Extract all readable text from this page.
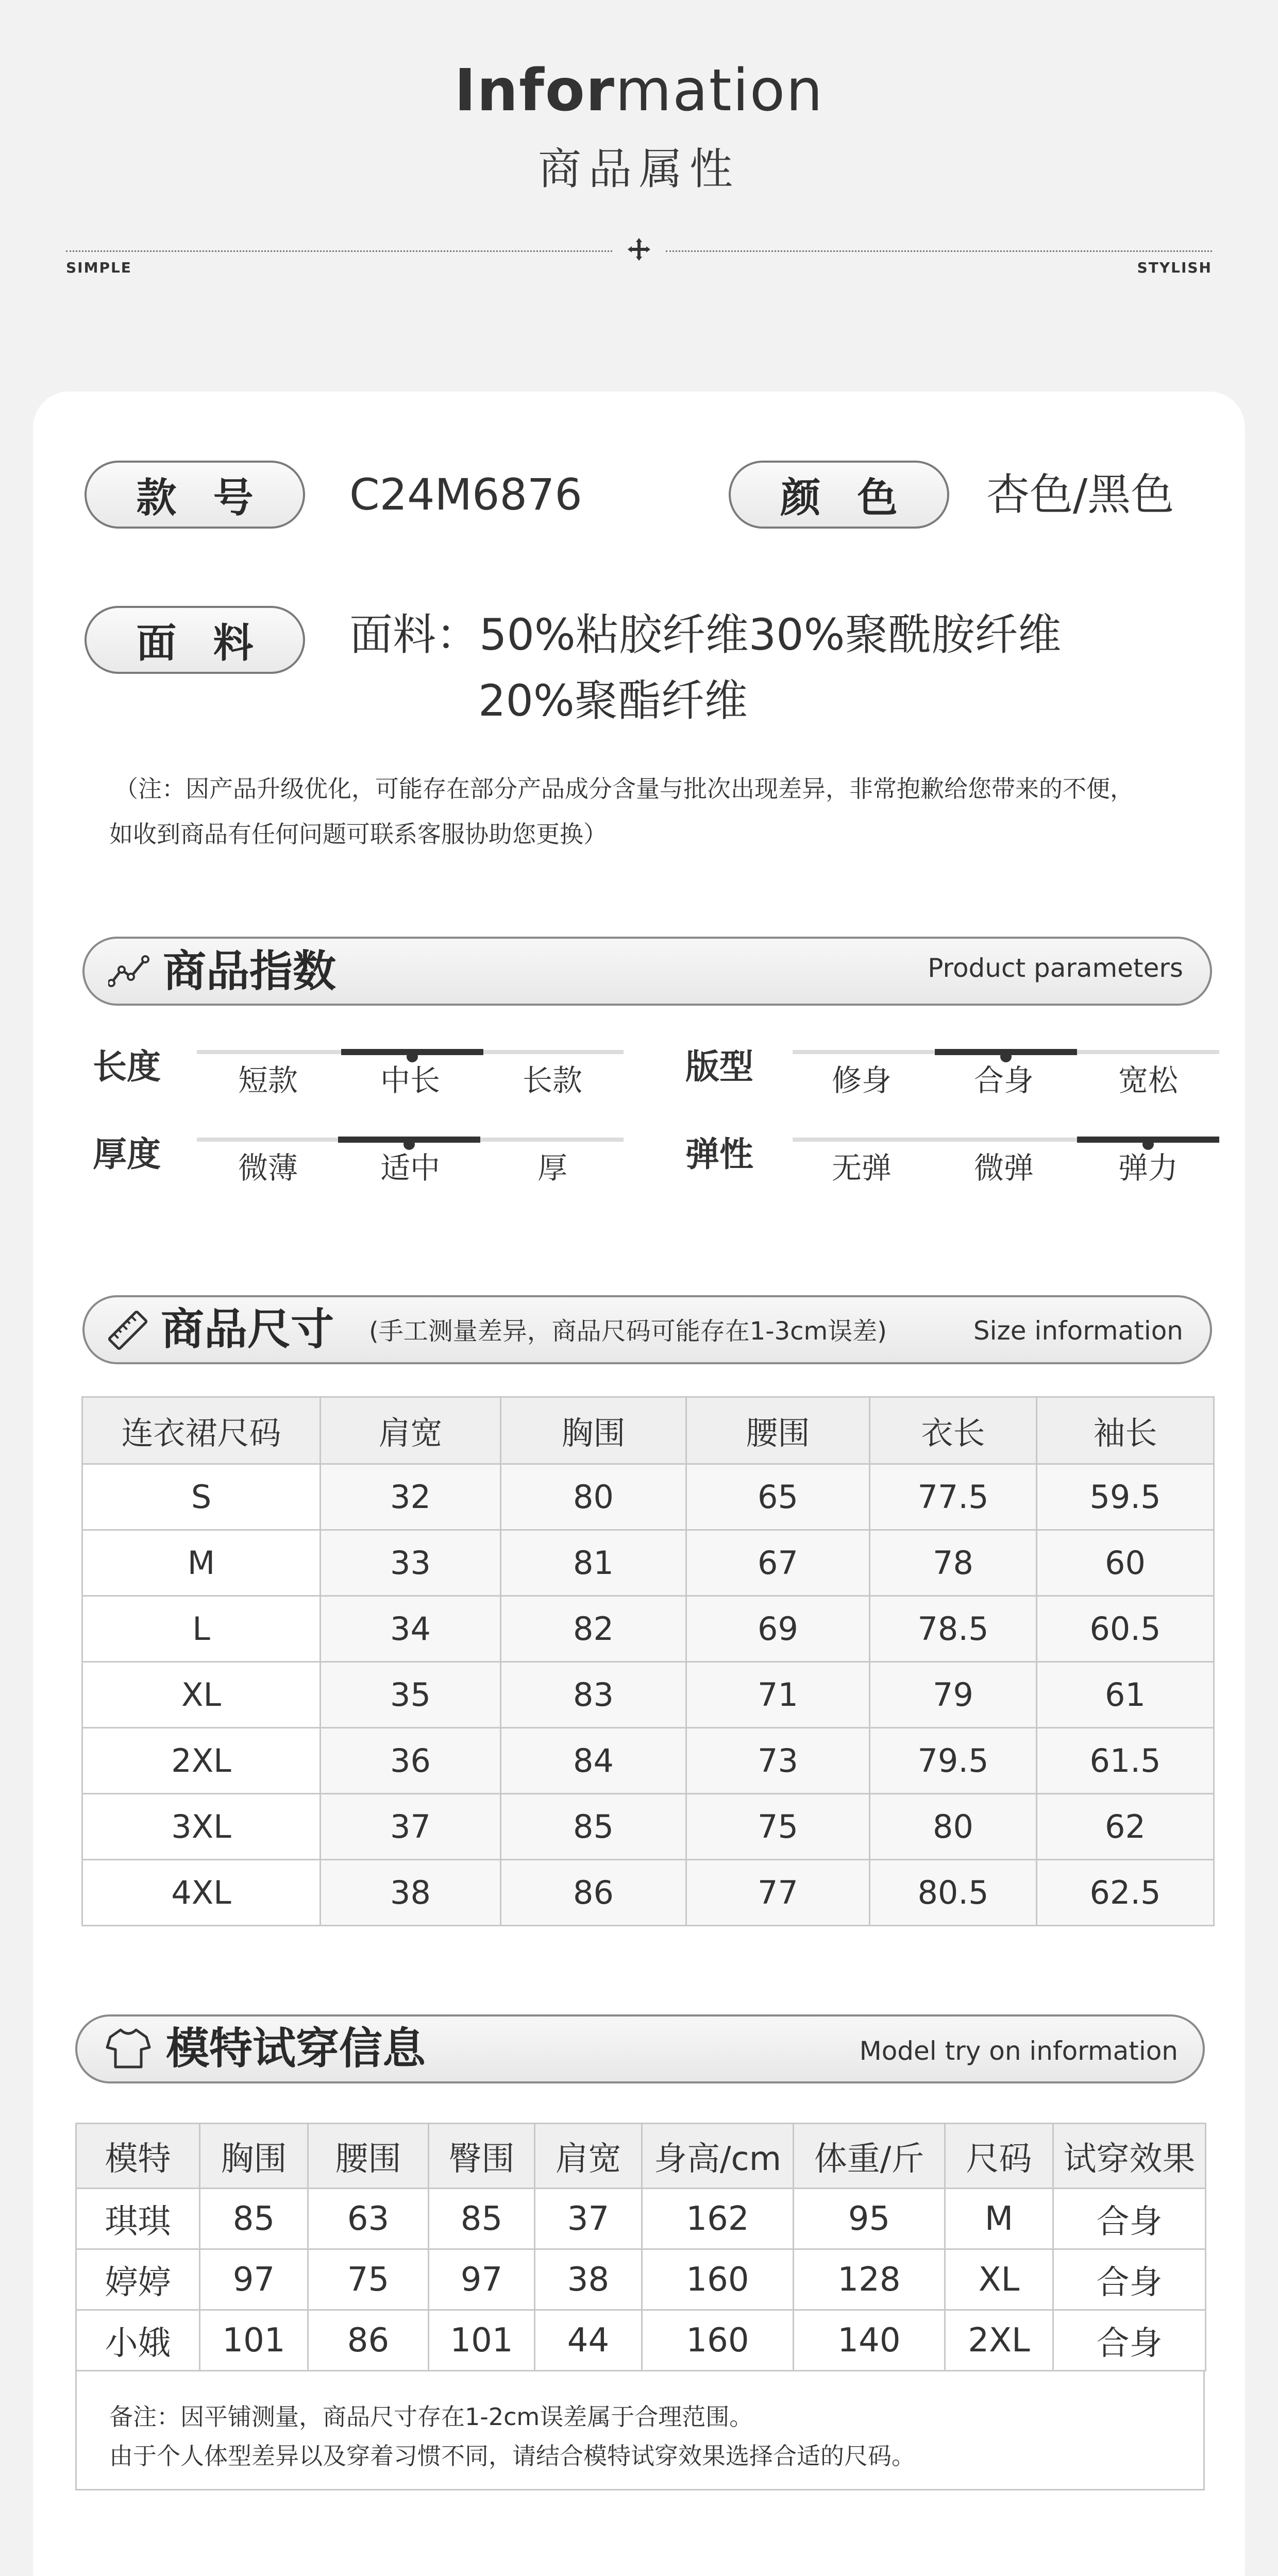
Information
商品属性
SIMPLE	STYLISH
款 号	C24M6876	颜 色	杏色/黑色
面 料	面料：50%粘胶纤维30%聚酰胺纤维
20%聚酯纤维
（注：因产品升级优化，可能存在部分产品成分含量与批次出现差异，非常抱歉给您带来的不便，
如收到商品有任何问题可联系客服协助您更换）
商品指数	Product parameters
长度	短款	中长	长款	版型	修身	合身	宽松
厚度	微薄	适中	厚	弹性	无弹	微弹	弹力
商品尺寸 (手工测量差异，商品尺码可能存在1-3cm误差)	Size information
连衣裙尺码	肩宽	胸围	腰围	衣长	袖长
S	32	80	65	77.5	59.5
M	33	81	67	78	60
L	34	82	69	78.5	60.5
XL	35	83	71	79	61
2XL	36	84	73	79.5	61.5
3XL	37	85	75	80	62
4XL	38	86	77	80.5	62.5
模特试穿信息	Model try on information
模特	胸围	腰围	臀围	肩宽	身高/cm	体重/斤	尺码	试穿效果
琪琪	85	63	85	37	162	95	M	合身
婷婷	97	75	97	38	160	128	XL	合身
小娥	101	86	101	44	160	140	2XL	合身
备注：因平铺测量，商品尺寸存在1-2cm误差属于合理范围。
由于个人体型差异以及穿着习惯不同，请结合模特试穿效果选择合适的尺码。
